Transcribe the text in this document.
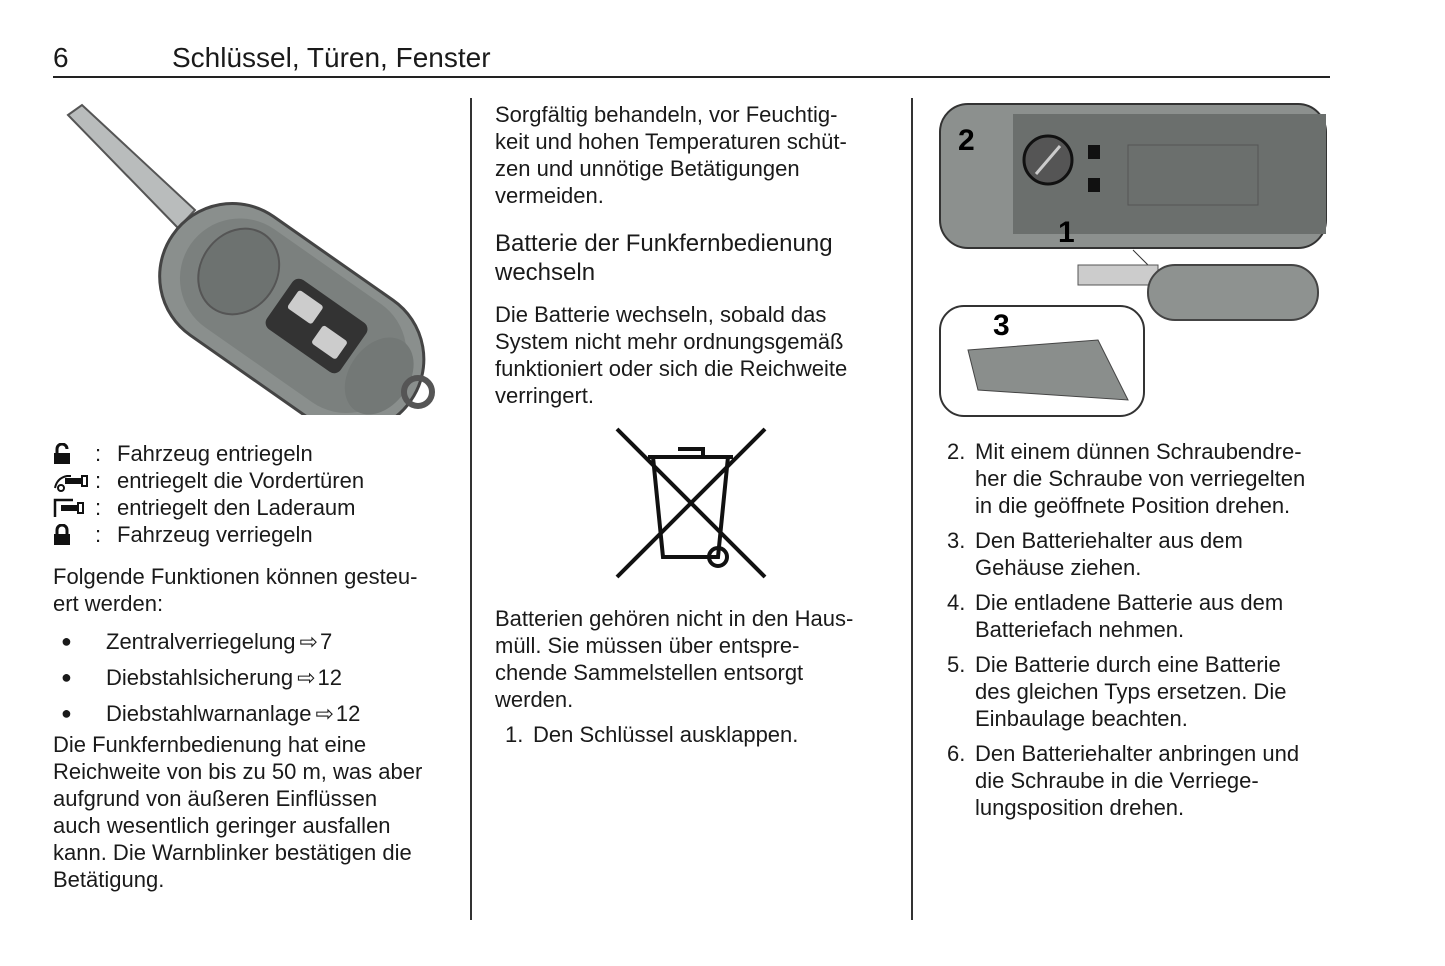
6	Schlüssel, Türen, Fenster
: Fahrzeug entriegeln
: entriegelt die Vordertüren
: entriegelt den Laderaum
: Fahrzeug verriegeln

Folgende Funktionen können gesteu-
ert werden:

●	Zentralverriegelung ⇨ 7
●	Diebstahlsicherung ⇨ 12
●	Diebstahlwarnanlage ⇨ 12

Die Funkfernbedienung hat eine
Reichweite von bis zu 50 m, was aber
aufgrund von äußeren Einflüssen
auch wesentlich geringer ausfallen
kann. Die Warnblinker bestätigen die
Betätigung.

Sorgfältig behandeln, vor Feuchtig-
keit und hohen Temperaturen schüt-
zen und unnötige Betätigungen
vermeiden.

Batterie der Funkfernbedienung
wechseln

Die Batterie wechseln, sobald das
System nicht mehr ordnungsgemäß
funktioniert oder sich die Reichweite
verringert.

Batterien gehören nicht in den Haus-
müll. Sie müssen über entspre-
chende Sammelstellen entsorgt
werden.

1. Den Schlüssel ausklappen.
2
1
3
2. Mit einem dünnen Schraubendre-
her die Schraube von verriegelten
in die geöffnete Position drehen.
3. Den Batteriehalter aus dem
Gehäuse ziehen.
4. Die entladene Batterie aus dem
Batteriefach nehmen.
5. Die Batterie durch eine Batterie
des gleichen Typs ersetzen. Die
Einbaulage beachten.
6. Den Batteriehalter anbringen und
die Schraube in die Verriege-
lungsposition drehen.
